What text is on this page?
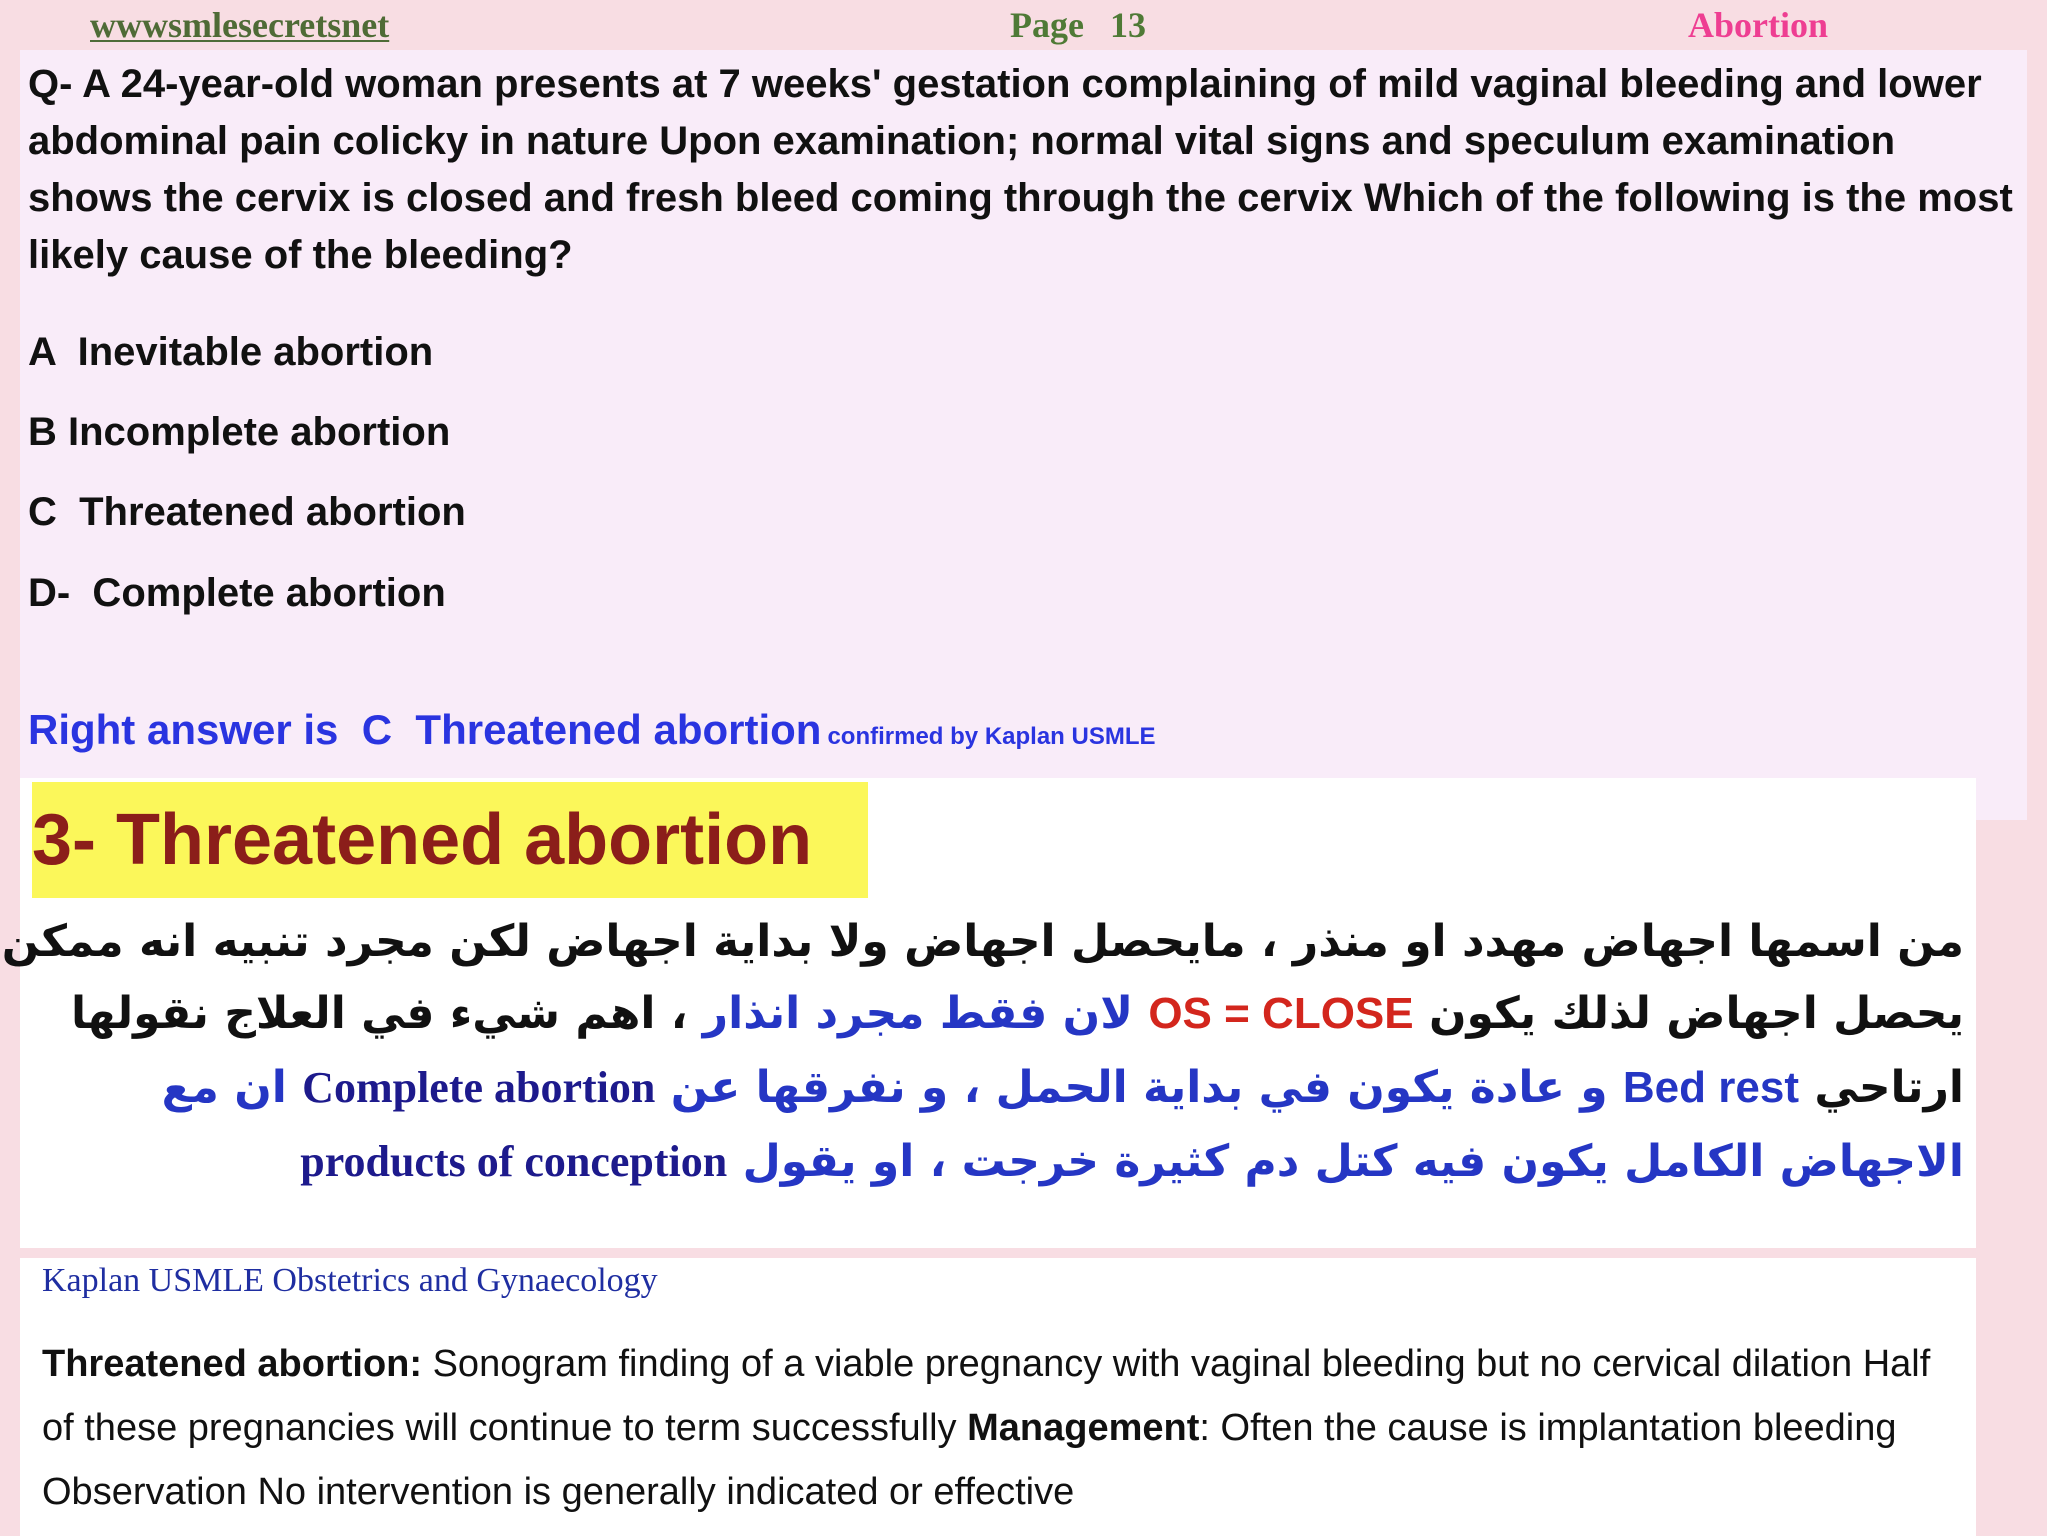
wwwsmlesecretsnet	Page 13	Abortion

Q- A 24-year-old woman presents at 7 weeks' gestation complaining of mild vaginal bleeding and lower abdominal pain colicky in nature Upon examination; normal vital signs and speculum examination shows the cervix is closed and fresh bleed coming through the cervix Which of the following is the most likely cause of the bleeding?

A  Inevitable abortion
B Incomplete abortion
C  Threatened abortion
D-  Complete abortion
Right answer is  C  Threatened abortion confirmed by Kaplan USMLE
3- Threatened abortion
من اسمها اجهاض مهدد او منذر ، مايحصل اجهاض ولا بداية اجهاض لكن مجرد تنبيه انه ممكن
يحصل اجهاض لذلك يكون OS = CLOSE لان فقط مجرد انذار ، اهم شيء في العلاج نقولها
ارتاحي Bed rest و عادة يكون في بداية الحمل ، و نفرقها عن Complete abortion ان مع
الاجهاض الكامل يكون فيه كتل دم كثيرة خرجت ، او يقول products of conception
Kaplan USMLE Obstetrics and Gynaecology

Threatened abortion: Sonogram finding of a viable pregnancy with vaginal bleeding but no cervical dilation Half of these pregnancies will continue to term successfully Management: Often the cause is implantation bleeding Observation No intervention is generally indicated or effective
